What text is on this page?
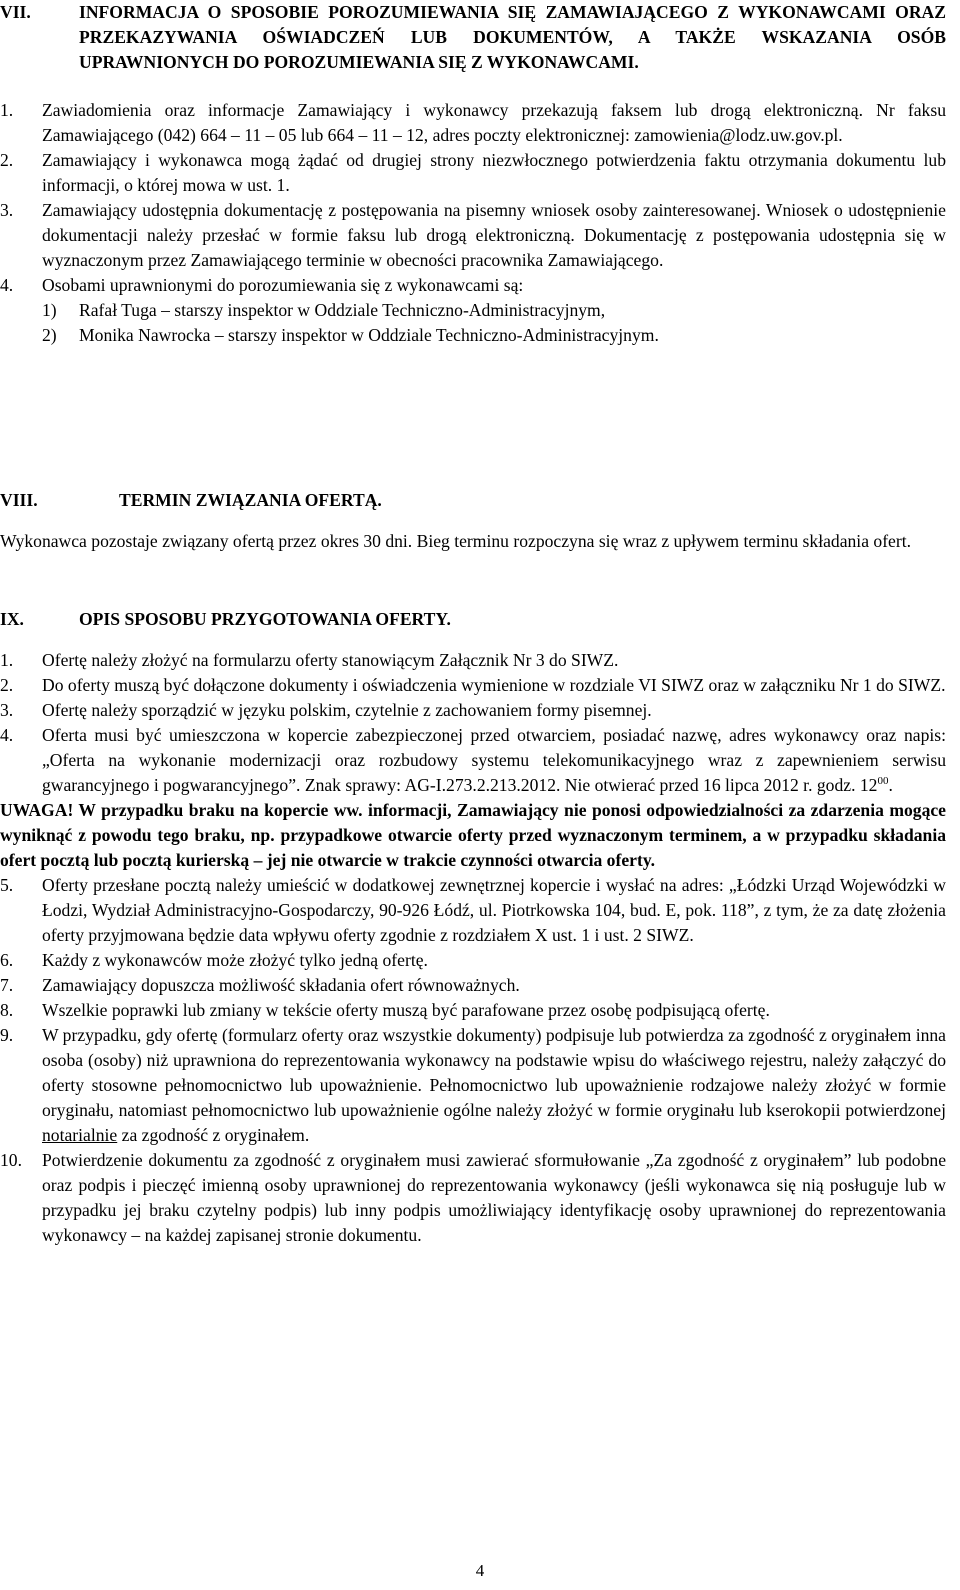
VII.	INFORMACJA O SPOSOBIE POROZUMIEWANIA SIĘ ZAMAWIAJĄCEGO Z WYKONAWCAMI ORAZ PRZEKAZYWANIA OŚWIADCZEŃ LUB DOKUMENTÓW, A TAKŻE WSKAZANIA OSÓB UPRAWNIONYCH DO POROZUMIEWANIA SIĘ Z WYKONAWCAMI.
1.	Zawiadomienia oraz informacje Zamawiający i wykonawcy przekazują faksem lub drogą elektroniczną. Nr faksu Zamawiającego (042) 664 – 11 – 05 lub 664 – 11 – 12, adres poczty elektronicznej: zamowienia@lodz.uw.gov.pl.
2.	Zamawiający i wykonawca mogą żądać od drugiej strony niezwłocznego potwierdzenia faktu otrzymania dokumentu lub informacji, o której mowa w ust. 1.
3.	Zamawiający udostępnia dokumentację z postępowania na pisemny wniosek osoby zainteresowanej. Wniosek o udostępnienie dokumentacji należy przesłać w formie faksu lub drogą elektroniczną. Dokumentację z postępowania udostępnia się w wyznaczonym przez Zamawiającego terminie w obecności pracownika Zamawiającego.
4.	Osobami uprawnionymi do porozumiewania się z wykonawcami są:
1)	Rafał Tuga – starszy inspektor w Oddziale Techniczno-Administracyjnym,
2)	Monika Nawrocka – starszy inspektor w Oddziale Techniczno-Administracyjnym.
VIII.	TERMIN ZWIĄZANIA OFERTĄ.
Wykonawca pozostaje związany ofertą przez okres 30 dni. Bieg terminu rozpoczyna się wraz z upływem terminu składania ofert.
IX.	OPIS SPOSOBU PRZYGOTOWANIA OFERTY.
1.	Ofertę należy złożyć na formularzu oferty stanowiącym Załącznik Nr 3 do SIWZ.
2.	Do oferty muszą być dołączone dokumenty i oświadczenia wymienione w rozdziale VI SIWZ oraz w załączniku Nr 1 do SIWZ.
3.	Ofertę należy sporządzić w języku polskim, czytelnie z zachowaniem formy pisemnej.
4.	Oferta musi być umieszczona w kopercie zabezpieczonej przed otwarciem, posiadać nazwę, adres wykonawcy oraz napis: „Oferta na wykonanie modernizacji oraz rozbudowy systemu telekomunikacyjnego wraz z zapewnieniem serwisu gwarancyjnego i pogwarancyjnego”. Znak sprawy: AG-I.273.2.213.2012. Nie otwierać przed 16 lipca 2012 r. godz. $12^{00}$.
UWAGA! W przypadku braku na kopercie ww. informacji, Zamawiający nie ponosi odpowiedzialności za zdarzenia mogące wyniknąć z powodu tego braku, np. przypadkowe otwarcie oferty przed wyznaczonym terminem, a w przypadku składania ofert pocztą lub pocztą kurierską – jej nie otwarcie w trakcie czynności otwarcia oferty.
5.	Oferty przesłane pocztą należy umieścić w dodatkowej zewnętrznej kopercie i wysłać na adres: „Łódzki Urząd Wojewódzki w Łodzi, Wydział Administracyjno-Gospodarczy, 90-926 Łódź, ul. Piotrkowska 104, bud. E, pok. 118”, z tym, że za datę złożenia oferty przyjmowana będzie data wpływu oferty zgodnie z rozdziałem X ust. 1 i ust. 2 SIWZ.
6.	Każdy z wykonawców może złożyć tylko jedną ofertę.
7.	Zamawiający dopuszcza możliwość składania ofert równoważnych.
8.	Wszelkie poprawki lub zmiany w tekście oferty muszą być parafowane przez osobę podpisującą ofertę.
9.	W przypadku, gdy ofertę (formularz oferty oraz wszystkie dokumenty) podpisuje lub potwierdza za zgodność z oryginałem inna osoba (osoby) niż uprawniona do reprezentowania wykonawcy na podstawie wpisu do właściwego rejestru, należy załączyć do oferty stosowne pełnomocnictwo lub upoważnienie. Pełnomocnictwo lub upoważnienie rodzajowe należy złożyć w formie oryginału, natomiast pełnomocnictwo lub upoważnienie ogólne należy złożyć w formie oryginału lub kserokopii potwierdzonej notarialnie za zgodność z oryginałem.
10.	Potwierdzenie dokumentu za zgodność z oryginałem musi zawierać sformułowanie „Za zgodność z oryginałem” lub podobne oraz podpis i pieczęć imienną osoby uprawnionej do reprezentowania wykonawcy (jeśli wykonawca się nią posługuje lub w przypadku jej braku czytelny podpis) lub inny podpis umożliwiający identyfikację osoby uprawnionej do reprezentowania wykonawcy – na każdej zapisanej stronie dokumentu.
4
